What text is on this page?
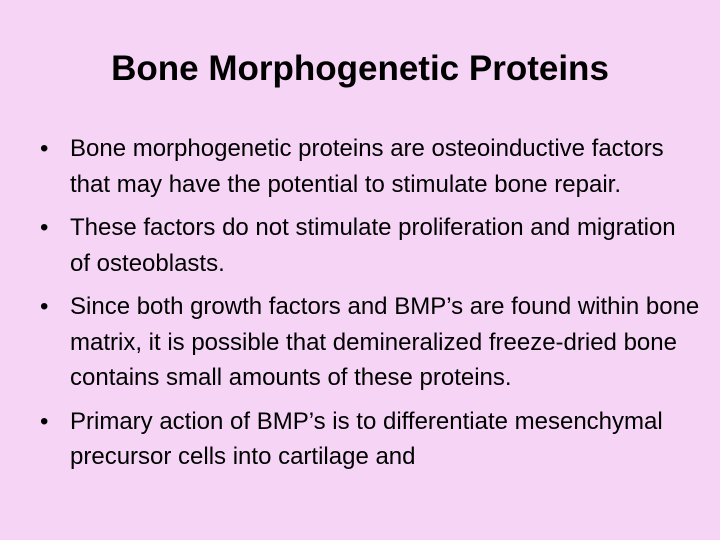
Bone Morphogenetic Proteins
• Bone morphogenetic proteins are osteoinductive factors that may have the potential to stimulate bone repair.
• These factors do not stimulate proliferation and migration of osteoblasts.
• Since both growth factors and BMP’s are found within bone matrix, it is possible that demineralized freeze-dried bone contains small amounts of these proteins.
• Primary action of BMP’s is to differentiate mesenchymal precursor cells into cartilage and
